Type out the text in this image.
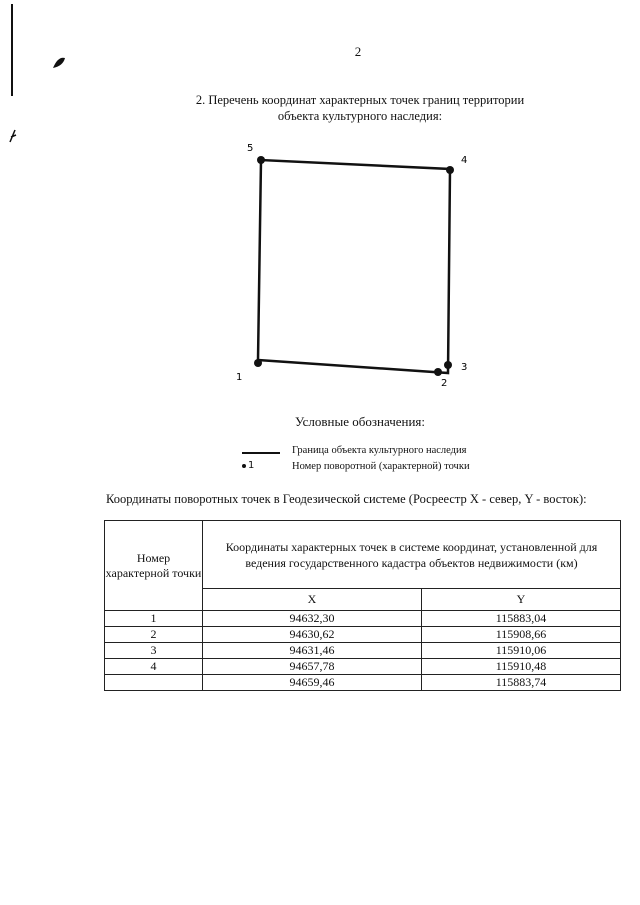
2
2. Перечень координат характерных точек границ территории
объекта культурного наследия:
1
2
3
4
5
Условные обозначения:
Граница объекта культурного наследия
1	Номер поворотной (характерной) точки
Координаты поворотных точек в Геодезической системе (Росреестр X - север, Y - восток):
Номер характерной точки	Координаты характерных точек в системе координат, установленной для ведения государственного кадастра объектов недвижимости (км)	
	X	Y
1	94632,30	115883,04
2	94630,62	115908,66
3	94631,46	115910,06
4	94657,78	115910,48
	94659,46	115883,74
